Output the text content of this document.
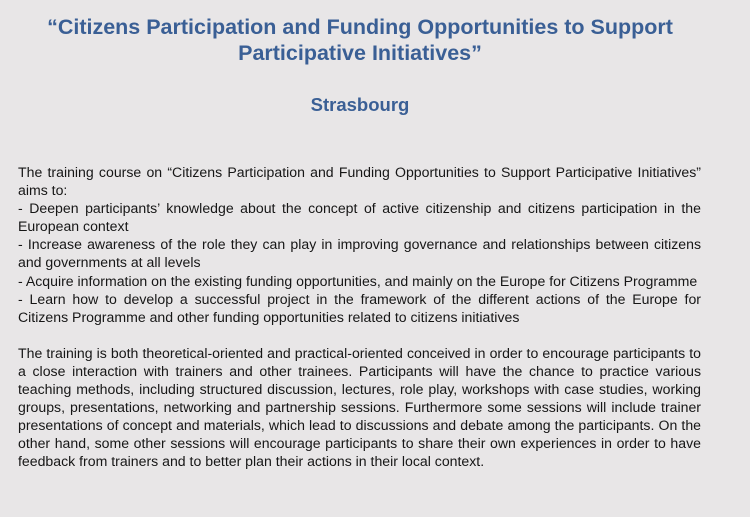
“Citizens Participation and Funding Opportunities to Support
Participative Initiatives”
Strasbourg

The training course on “Citizens Participation and Funding Opportunities to Support Participative Initiatives” aims to:

- Deepen participants’ knowledge about the concept of active citizenship and citizens participation in the European context

- Increase awareness of the role they can play in improving governance and relationships between citizens and governments at all levels

- Acquire information on the existing funding opportunities, and mainly on the Europe for Citizens Programme

- Learn how to develop a successful project in the framework of the different actions of the Europe for Citizens Programme and other funding opportunities related to citizens initiatives

The training is both theoretical-oriented and practical-oriented conceived in order to encourage participants to a close interaction with trainers and other trainees. Participants will have the chance to practice various teaching methods, including structured discussion, lectures, role play, workshops with case studies, working groups, presentations, networking and partnership sessions. Furthermore some sessions will include trainer presentations of concept and materials, which lead to discussions and debate among the participants. On the other hand, some other sessions will encourage participants to share their own experiences in order to have feedback from trainers and to better plan their actions in their local context.
